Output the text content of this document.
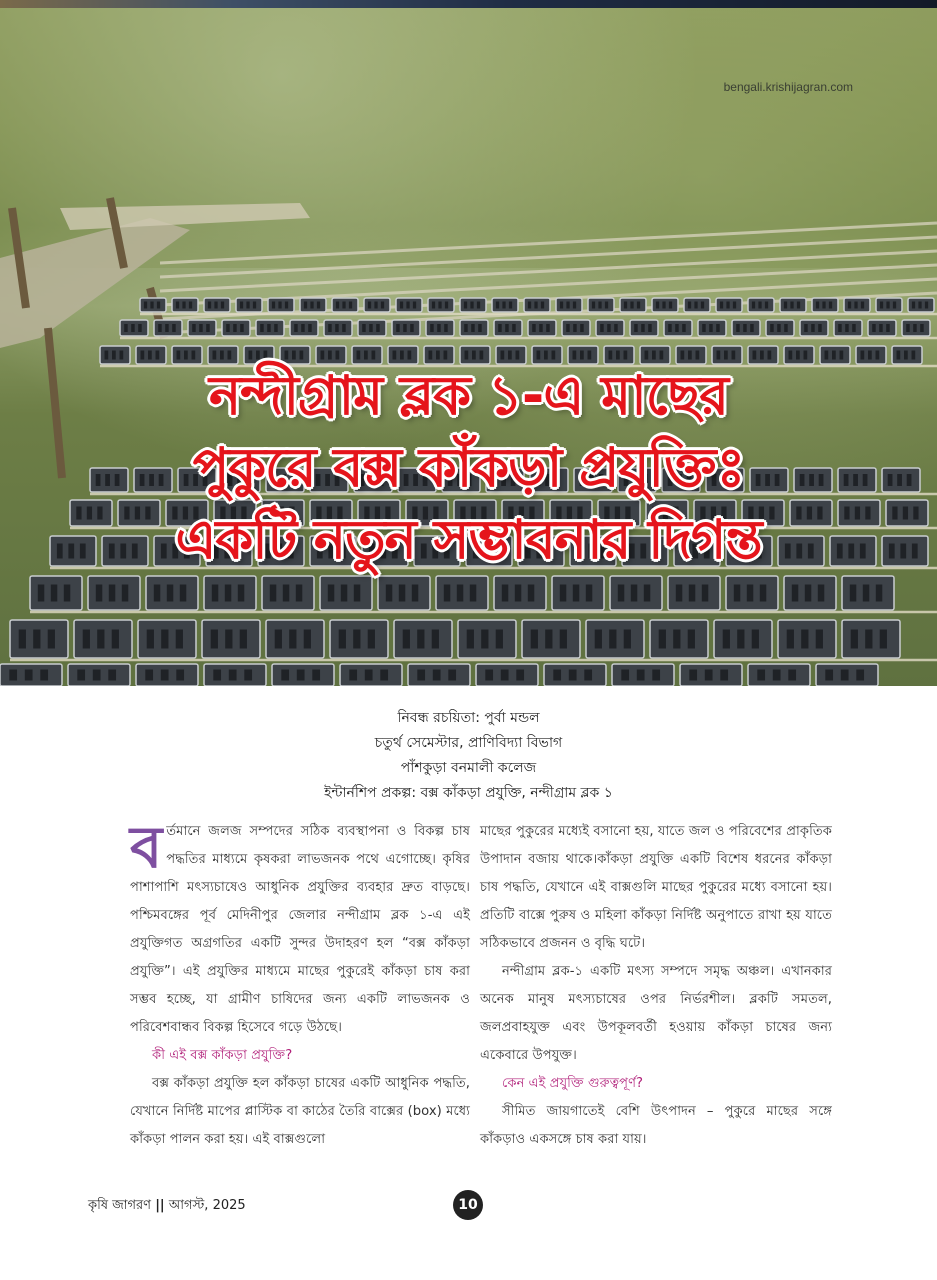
bengali.krishijagran.com
নন্দীগ্রাম ব্লক ১-এ মাছের
পুকুরে বক্স কাঁকড়া প্রযুক্তিঃ
একটি নতুন সম্ভাবনার দিগন্ত
নিবন্ধ রচয়িতা: পুর্বা মন্ডল
চতুর্থ সেমেস্টার, প্রাণিবিদ্যা বিভাগ
পাঁশকুড়া বনমালী কলেজ
ইন্টার্নশিপ প্রকল্প: বক্স কাঁকড়া প্রযুক্তি, নন্দীগ্রাম ব্লক ১

বর্তমানে জলজ সম্পদের সঠিক ব্যবস্থাপনা ও বিকল্প চাষ পদ্ধতির মাধ্যমে কৃষকরা লাভজনক পথে এগোচ্ছে। কৃষির পাশাপাশি মৎস্যচাষেও আধুনিক প্রযুক্তির ব্যবহার দ্রুত বাড়ছে। পশ্চিমবঙ্গের পূর্ব মেদিনীপুর জেলার নন্দীগ্রাম ব্লক ১-এ এই প্রযুক্তিগত অগ্রগতির একটি সুন্দর উদাহরণ হল “বক্স কাঁকড়া প্রযুক্তি”। এই প্রযুক্তির মাধ্যমে মাছের পুকুরেই কাঁকড়া চাষ করা সম্ভব হচ্ছে, যা গ্রামীণ চাষিদের জন্য একটি লাভজনক ও পরিবেশবান্ধব বিকল্প হিসেবে গড়ে উঠছে।

কী এই বক্স কাঁকড়া প্রযুক্তি?

বক্স কাঁকড়া প্রযুক্তি হল কাঁকড়া চাষের একটি আধুনিক পদ্ধতি, যেখানে নির্দিষ্ট মাপের প্লাস্টিক বা কাঠের তৈরি বাক্সের (box) মধ্যে কাঁকড়া পালন করা হয়। এই বাক্সগুলো

মাছের পুকুরের মধ্যেই বসানো হয়, যাতে জল ও পরিবেশের প্রাকৃতিক উপাদান বজায় থাকে।কাঁকড়া প্রযুক্তি একটি বিশেষ ধরনের কাঁকড়া চাষ পদ্ধতি, যেখানে এই বাক্সগুলি মাছের পুকুরের মধ্যে বসানো হয়। প্রতিটি বাক্সে পুরুষ ও মহিলা কাঁকড়া নির্দিষ্ট অনুপাতে রাখা হয় যাতে সঠিকভাবে প্রজনন ও বৃদ্ধি ঘটে।

নন্দীগ্রাম ব্লক-১ একটি মৎস্য সম্পদে সমৃদ্ধ অঞ্চল। এখানকার অনেক মানুষ মৎস্যচাষের ওপর নির্ভরশীল। ব্লকটি সমতল, জলপ্রবাহযুক্ত এবং উপকূলবর্তী হওয়ায় কাঁকড়া চাষের জন্য একেবারে উপযুক্ত।

কেন এই প্রযুক্তি গুরুত্বপূর্ণ?

সীমিত জায়গাতেই বেশি উৎপাদন – পুকুরে মাছের সঙ্গে কাঁকড়াও একসঙ্গে চাষ করা যায়।

কৃষি জাগরণ || আগস্ট, 2025	10
